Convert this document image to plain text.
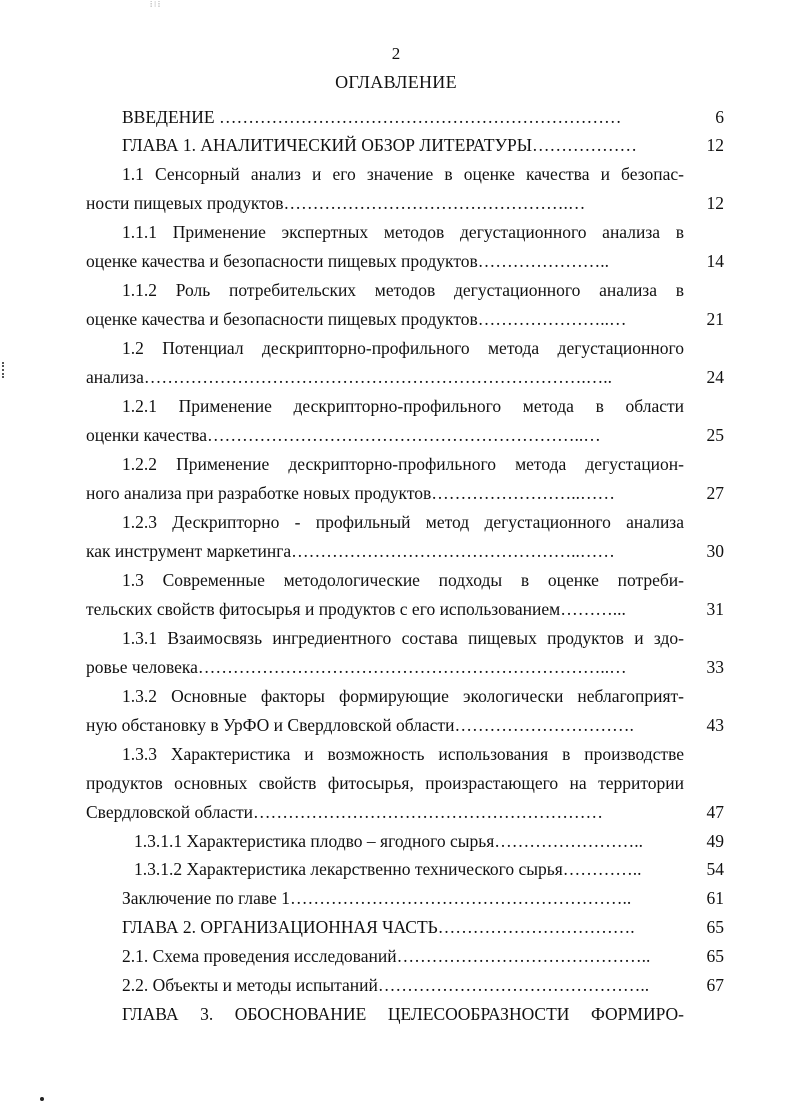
⁞ ǀ ⁞
2
ОГЛАВЛЕНИЕ
ВВЕДЕНИЕ ……………………………………………………………	6
ГЛАВА 1. АНАЛИТИЧЕСКИЙ ОБЗОР ЛИТЕРАТУРЫ………………	12
1.1 Сенсорный анализ и его значение в оценке качества и безопас-
ности пищевых продуктов………………………………………….…	12
1.1.1 Применение экспертных методов дегустационного анализа в
оценке качества и безопасности пищевых продуктов…………………..	14
1.1.2 Роль потребительских методов дегустационного анализа в
оценке качества и безопасности пищевых продуктов…………………..…	21
1.2 Потенциал дескрипторно-профильного метода дегустационного
анализа………………………………………………………………….…..	24
1.2.1 Применение дескрипторно-профильного метода в области
оценки качества………………………………………………………..…	25
1.2.2 Применение дескрипторно-профильного метода дегустацион-
ного анализа при разработке новых продуктов……………………..……	27
1.2.3 Дескрипторно - профильный метод дегустационного анализа
как инструмент маркетинга…………………………………………..……	30
1.3 Современные методологические подходы в оценке потреби-
тельских свойств фитосырья и продуктов с его использованием………...	31
1.3.1 Взаимосвязь ингредиентного состава пищевых продуктов и здо-
ровье человека……………………………………………………………..…	33
1.3.2 Основные факторы формирующие экологически неблагоприят-
ную обстановку в УрФО и Свердловской области………………………….	43
1.3.3 Характеристика и возможность использования в производстве
продуктов основных свойств фитосырья, произрастающего на территории
Свердловской области……………………………………………………	47
1.3.1.1 Характеристика плодво – ягодного сырья……………………..	49
1.3.1.2 Характеристика лекарственно технического сырья…………..	54
Заключение по главе 1…………………………………………………..	61
ГЛАВА 2. ОРГАНИЗАЦИОННАЯ ЧАСТЬ…………………………….	65
2.1. Схема проведения исследований……………………………………..	65
2.2. Объекты и методы испытаний………………………………………..	67
ГЛАВА 3. ОБОСНОВАНИЕ ЦЕЛЕСООБРАЗНОСТИ ФОРМИРО-
